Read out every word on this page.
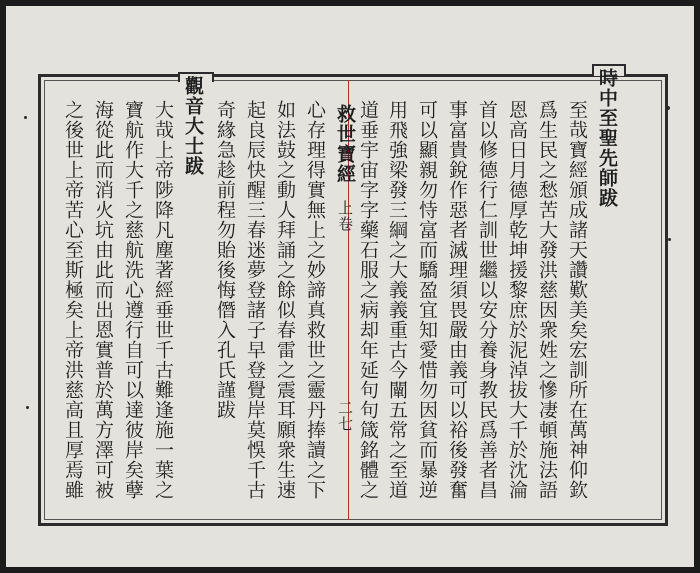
時中至聖先師跋
至哉寶經頒成諸天讚歎美矣宏訓所在萬神仰欽
爲生民之愁苦大發洪慈因衆姓之慘凄頓施法語
恩高日月德厚乾坤援黎庶於泥淖拔大千於沈淪
首以修德行仁訓世繼以安分養身教民爲善者昌
事富貴銳作惡者滅理須畏嚴由義可以裕後發奮
可以顯親勿恃富而驕盈宜知愛惜勿因貧而暴逆
用飛強梁發三綱之大義義重古今闡五常之至道
道垂宇宙字字藥石服之病却年延句句箴銘體之
救世寶經
上卷
二七
心存理得實無上之妙諦真救世之靈丹捧讀之下
如法鼓之動人拜誦之餘似春雷之震耳願衆生速
起良辰快醒三春迷夢登諸子早登覺岸莫悞千古
奇緣急趁前程勿貽後悔僭入孔氏謹跋
觀音大士跋
大哉上帝陟降凡塵著經垂世千古難逢施一葉之
寶航作大千之慈航洗心遵行自可以達彼岸矣孽
海從此而消火坑由此而出恩實普於萬方澤可被
之後世上帝苦心至斯極矣上帝洪慈高且厚焉雖
